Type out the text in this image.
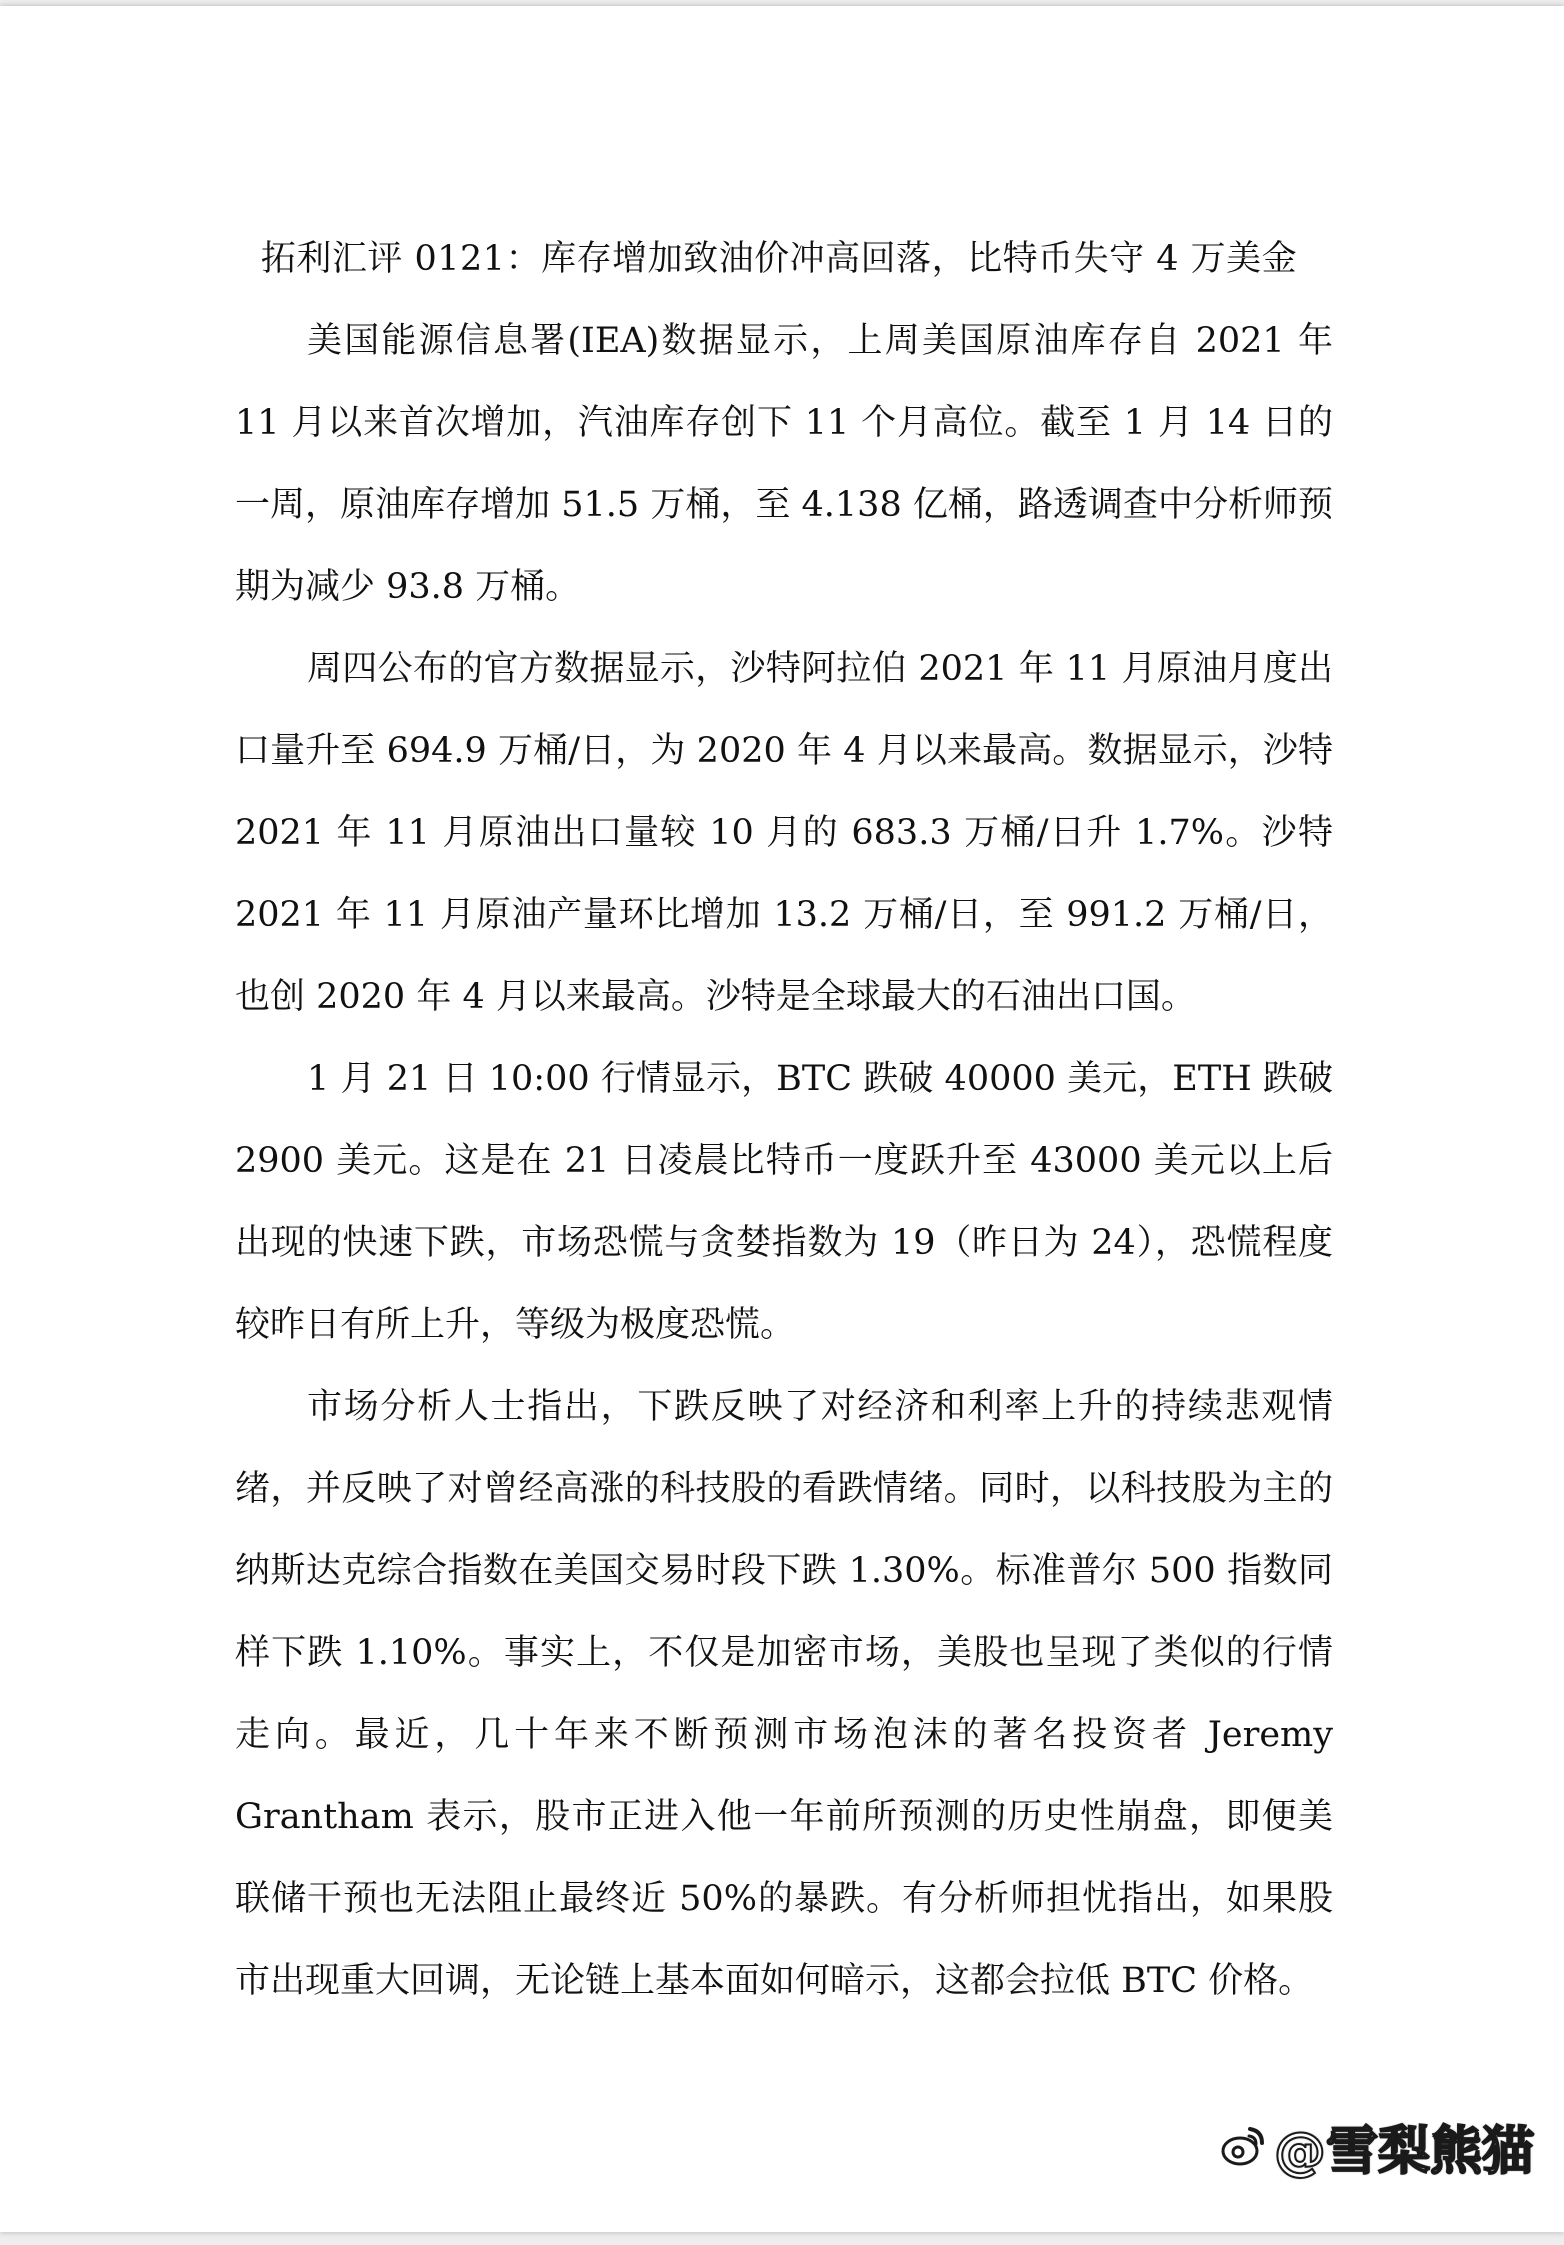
拓利汇评 0121：库存增加致油价冲高回落，比特币失守 4 万美金

美国能源信息署(IEA)数据显示，上周美国原油库存自 2021 年 11 月以来首次增加，汽油库存创下 11 个月高位。截至 1 月 14 日的一周，原油库存增加 51.5 万桶，至 4.138 亿桶，路透调查中分析师预期为减少 93.8 万桶。

周四公布的官方数据显示，沙特阿拉伯 2021 年 11 月原油月度出口量升至 694.9 万桶/日，为 2020 年 4 月以来最高。数据显示，沙特 2021 年 11 月原油出口量较 10 月的 683.3 万桶/日升 1.7%。沙特 2021 年 11 月原油产量环比增加 13.2 万桶/日，至 991.2 万桶/日，也创 2020 年 4 月以来最高。沙特是全球最大的石油出口国。

1 月 21 日 10:00 行情显示，BTC 跌破 40000 美元，ETH 跌破 2900 美元。这是在 21 日凌晨比特币一度跃升至 43000 美元以上后出现的快速下跌，市场恐慌与贪婪指数为 19（昨日为 24），恐慌程度较昨日有所上升，等级为极度恐慌。

市场分析人士指出，下跌反映了对经济和利率上升的持续悲观情绪，并反映了对曾经高涨的科技股的看跌情绪。同时，以科技股为主的纳斯达克综合指数在美国交易时段下跌 1.30%。标准普尔 500 指数同样下跌 1.10%。事实上，不仅是加密市场，美股也呈现了类似的行情走向。最近，几十年来不断预测市场泡沫的著名投资者 Jeremy Grantham 表示，股市正进入他一年前所预测的历史性崩盘，即便美联储干预也无法阻止最终近 50%的暴跌。有分析师担忧指出，如果股市出现重大回调，无论链上基本面如何暗示，这都会拉低 BTC 价格。

@雪梨熊猫
